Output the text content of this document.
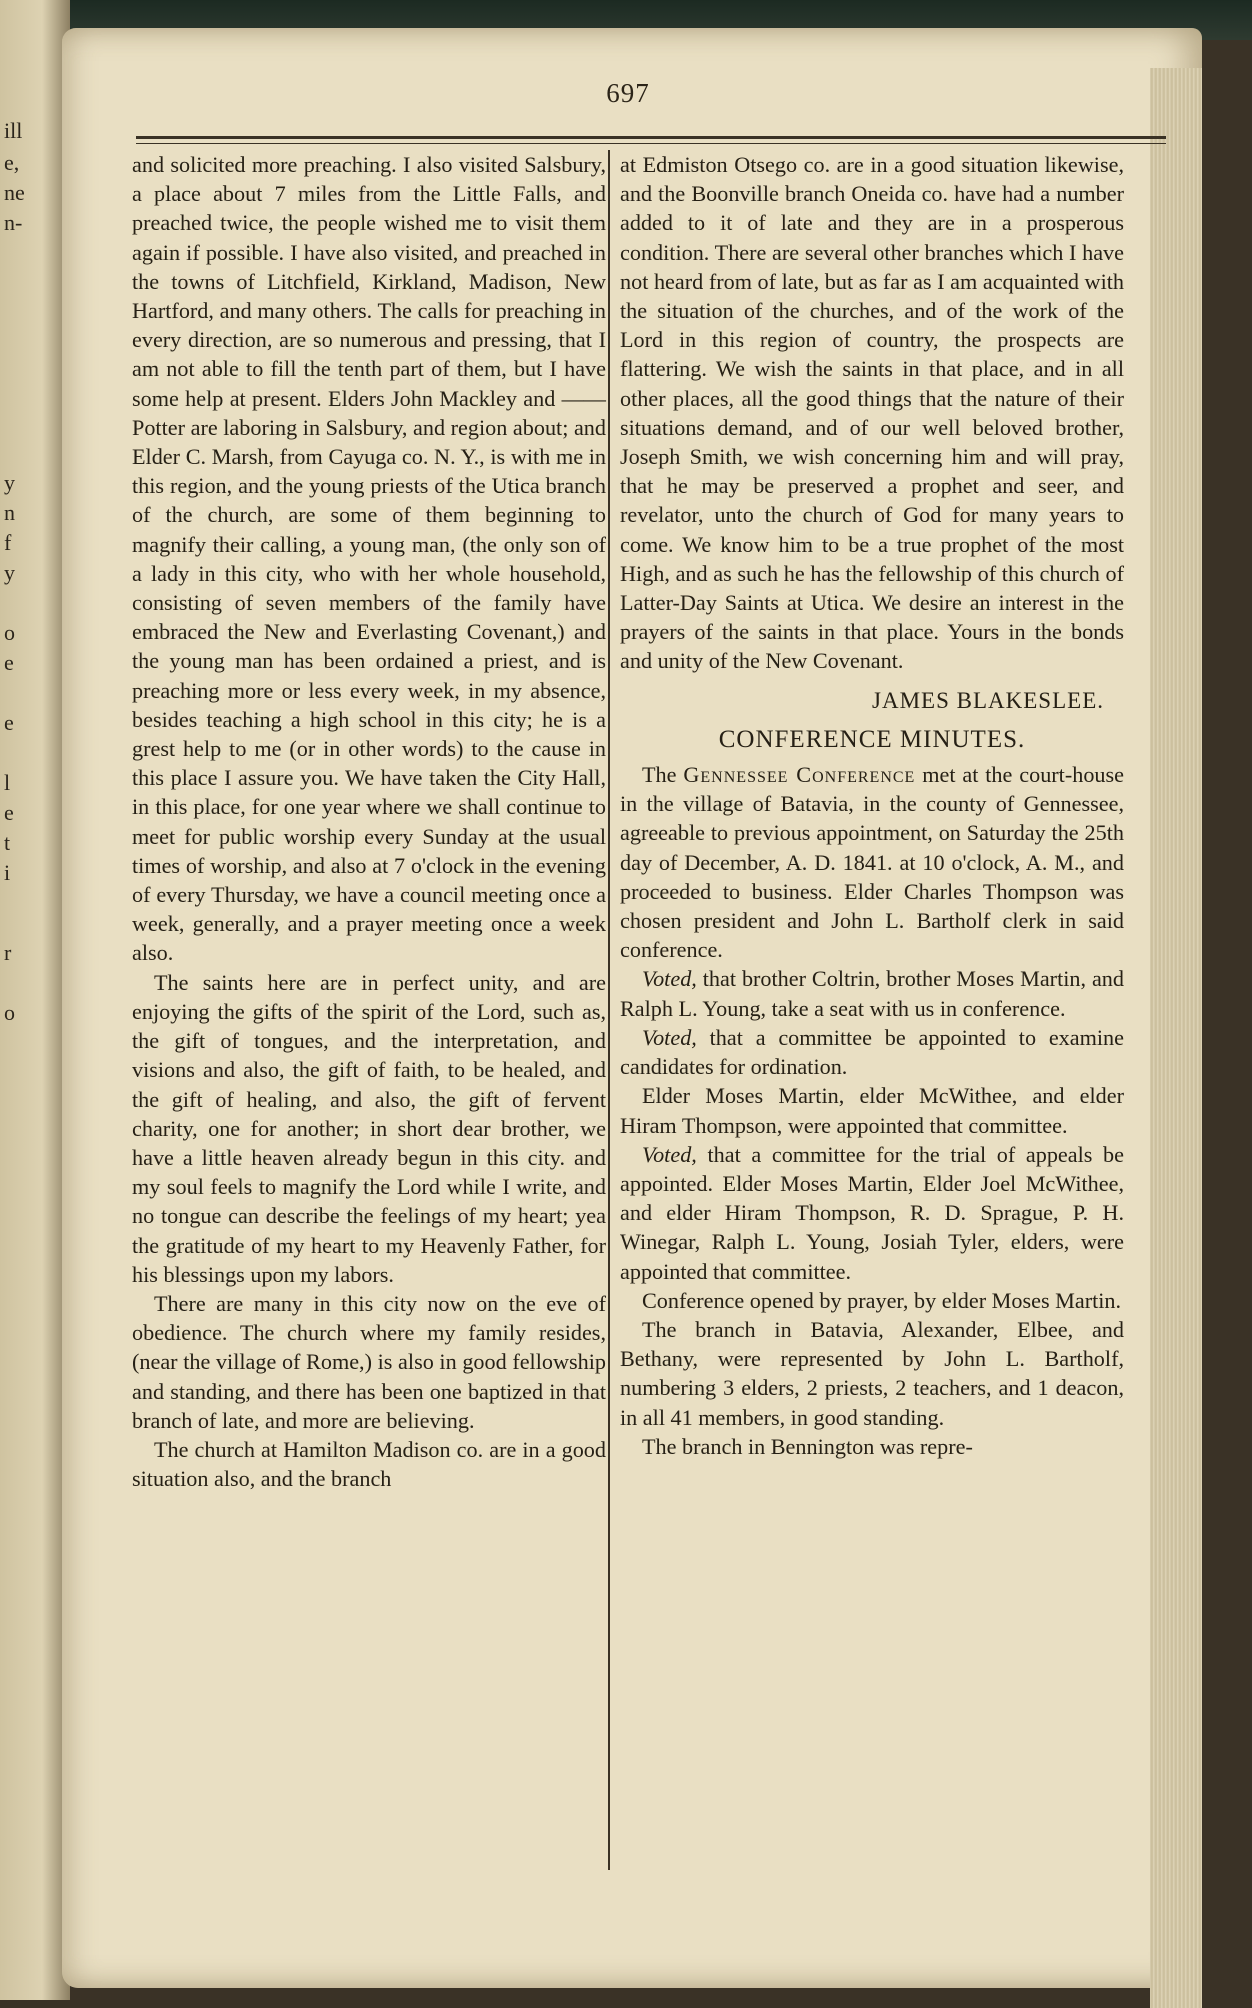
ill
e,
ne
n-
y
n
f
y
o
e
e
l
e
t
i
r
o
697

and solicited more preaching. I also visited Salsbury, a place about 7 miles from the Little Falls, and preached twice, the people wished me to visit them again if possible. I have also visited, and preached in the towns of Litchfield, Kirkland, Madison, New Hartford, and many others. The calls for preaching in every direction, are so numerous and pressing, that I am not able to fill the tenth part of them, but I have some help at present. Elders John Mackley and —— Potter are laboring in Salsbury, and region about; and Elder C. Marsh, from Cayuga co. N. Y., is with me in this region, and the young priests of the Utica branch of the church, are some of them beginning to magnify their calling, a young man, (the only son of a lady in this city, who with her whole household, consisting of seven members of the family have embraced the New and Everlasting Covenant,) and the young man has been ordained a priest, and is preaching more or less every week, in my absence, besides teaching a high school in this city; he is a grest help to me (or in other words) to the cause in this place I assure you. We have taken the City Hall, in this place, for one year where we shall continue to meet for public worship every Sunday at the usual times of worship, and also at 7 o'clock in the evening of every Thursday, we have a council meeting once a week, generally, and a prayer meeting once a week also.

The saints here are in perfect unity, and are enjoying the gifts of the spirit of the Lord, such as, the gift of tongues, and the interpretation, and visions and also, the gift of faith, to be healed, and the gift of healing, and also, the gift of fervent charity, one for another; in short dear brother, we have a little heaven already begun in this city. and my soul feels to magnify the Lord while I write, and no tongue can describe the feelings of my heart; yea the gratitude of my heart to my Heavenly Father, for his blessings upon my labors.

There are many in this city now on the eve of obedience. The church where my family resides, (near the village of Rome,) is also in good fellowship and standing, and there has been one baptized in that branch of late, and more are believing.

The church at Hamilton Madison co. are in a good situation also, and the branch

at Edmiston Otsego co. are in a good situation likewise, and the Boonville branch Oneida co. have had a number added to it of late and they are in a prosperous condition. There are several other branches which I have not heard from of late, but as far as I am acquainted with the situation of the churches, and of the work of the Lord in this region of country, the prospects are flattering. We wish the saints in that place, and in all other places, all the good things that the nature of their situations demand, and of our well beloved brother, Joseph Smith, we wish concerning him and will pray, that he may be preserved a prophet and seer, and revelator, unto the church of God for many years to come. We know him to be a true prophet of the most High, and as such he has the fellowship of this church of Latter-Day Saints at Utica. We desire an interest in the prayers of the saints in that place. Yours in the bonds and unity of the New Covenant.

JAMES BLAKESLEE.

CONFERENCE MINUTES.

The Gennessee Conference met at the court-house in the village of Batavia, in the county of Gennessee, agreeable to previous appointment, on Saturday the 25th day of December, A. D. 1841. at 10 o'clock, A. M., and proceeded to business. Elder Charles Thompson was chosen president and John L. Bartholf clerk in said conference.

Voted, that brother Coltrin, brother Moses Martin, and Ralph L. Young, take a seat with us in conference.

Voted, that a committee be appointed to examine candidates for ordination.

Elder Moses Martin, elder McWithee, and elder Hiram Thompson, were appointed that committee.

Voted, that a committee for the trial of appeals be appointed. Elder Moses Martin, Elder Joel McWithee, and elder Hiram Thompson, R. D. Sprague, P. H. Winegar, Ralph L. Young, Josiah Tyler, elders, were appointed that committee.

Conference opened by prayer, by elder Moses Martin.

The branch in Batavia, Alexander, Elbee, and Bethany, were represented by John L. Bartholf, numbering 3 elders, 2 priests, 2 teachers, and 1 deacon, in all 41 members, in good standing.

The branch in Bennington was repre-
